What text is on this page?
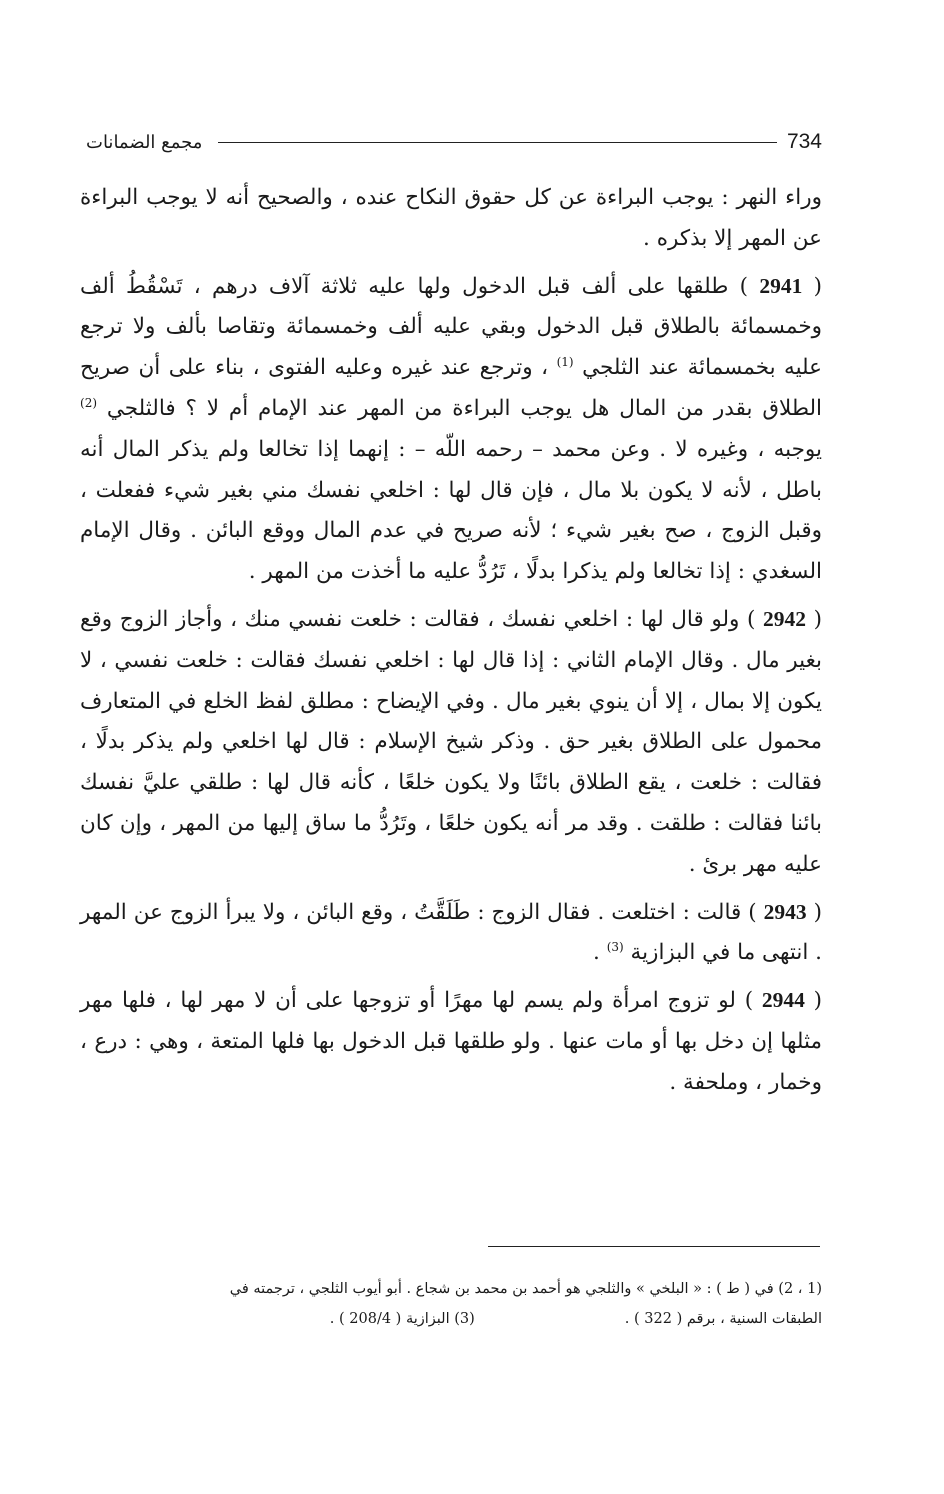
مجمع الضمانات	734

وراء النهر : يوجب البراءة عن كل حقوق النكاح عنده ، والصحيح أنه لا يوجب البراءة عن المهر إلا بذكره .

( 2941 ) طلقها على ألف قبل الدخول ولها عليه ثلاثة آلاف درهم ، تَسْقُطُ ألف وخمسمائة بالطلاق قبل الدخول وبقي عليه ألف وخمسمائة وتقاصا بألف ولا ترجع عليه بخمسمائة عند الثلجي $^{(1)}$ ، وترجع عند غيره وعليه الفتوى ، بناء على أن صريح الطلاق بقدر من المال هل يوجب البراءة من المهر عند الإمام أم لا ؟ فالثلجي $^{(2)}$ يوجبه ، وغيره لا . وعن محمد – رحمه اللّه – : إنهما إذا تخالعا ولم يذكر المال أنه باطل ، لأنه لا يكون بلا مال ، فإن قال لها : اخلعي نفسك مني بغير شيء ففعلت ، وقبل الزوج ، صح بغير شيء ؛ لأنه صريح في عدم المال ووقع البائن . وقال الإمام السغدي : إذا تخالعا ولم يذكرا بدلًا ، تَرُدُّ عليه ما أخذت من المهر .

( 2942 ) ولو قال لها : اخلعي نفسك ، فقالت : خلعت نفسي منك ، وأجاز الزوج وقع بغير مال . وقال الإمام الثاني : إذا قال لها : اخلعي نفسك فقالت : خلعت نفسي ، لا يكون إلا بمال ، إلا أن ينوي بغير مال . وفي الإيضاح : مطلق لفظ الخلع في المتعارف محمول على الطلاق بغير حق . وذكر شيخ الإسلام : قال لها اخلعي ولم يذكر بدلًا ، فقالت : خلعت ، يقع الطلاق بائنًا ولا يكون خلعًا ، كأنه قال لها : طلقي عليَّ نفسك بائنا فقالت : طلقت . وقد مر أنه يكون خلعًا ، وتَرُدُّ ما ساق إليها من المهر ، وإن كان عليه مهر برئ .

( 2943 ) قالت : اختلعت . فقال الزوج : طَلَقَّتُ ، وقع البائن ، ولا يبرأ الزوج عن المهر . انتهى ما في البزازية $^{(3)}$ .

( 2944 ) لو تزوج امرأة ولم يسم لها مهرًا أو تزوجها على أن لا مهر لها ، فلها مهر مثلها إن دخل بها أو مات عنها . ولو طلقها قبل الدخول بها فلها المتعة ، وهي : درع ، وخمار ، وملحفة .

(1 ، 2) في ( ط ) : « البلخي » والثلجي هو أحمد بن محمد بن شجاع . أبو أيوب الثلجي ، ترجمته في

الطبقات السنية ، برقم ( 322 ) .
(3) البزازية ( 208/4 ) .
